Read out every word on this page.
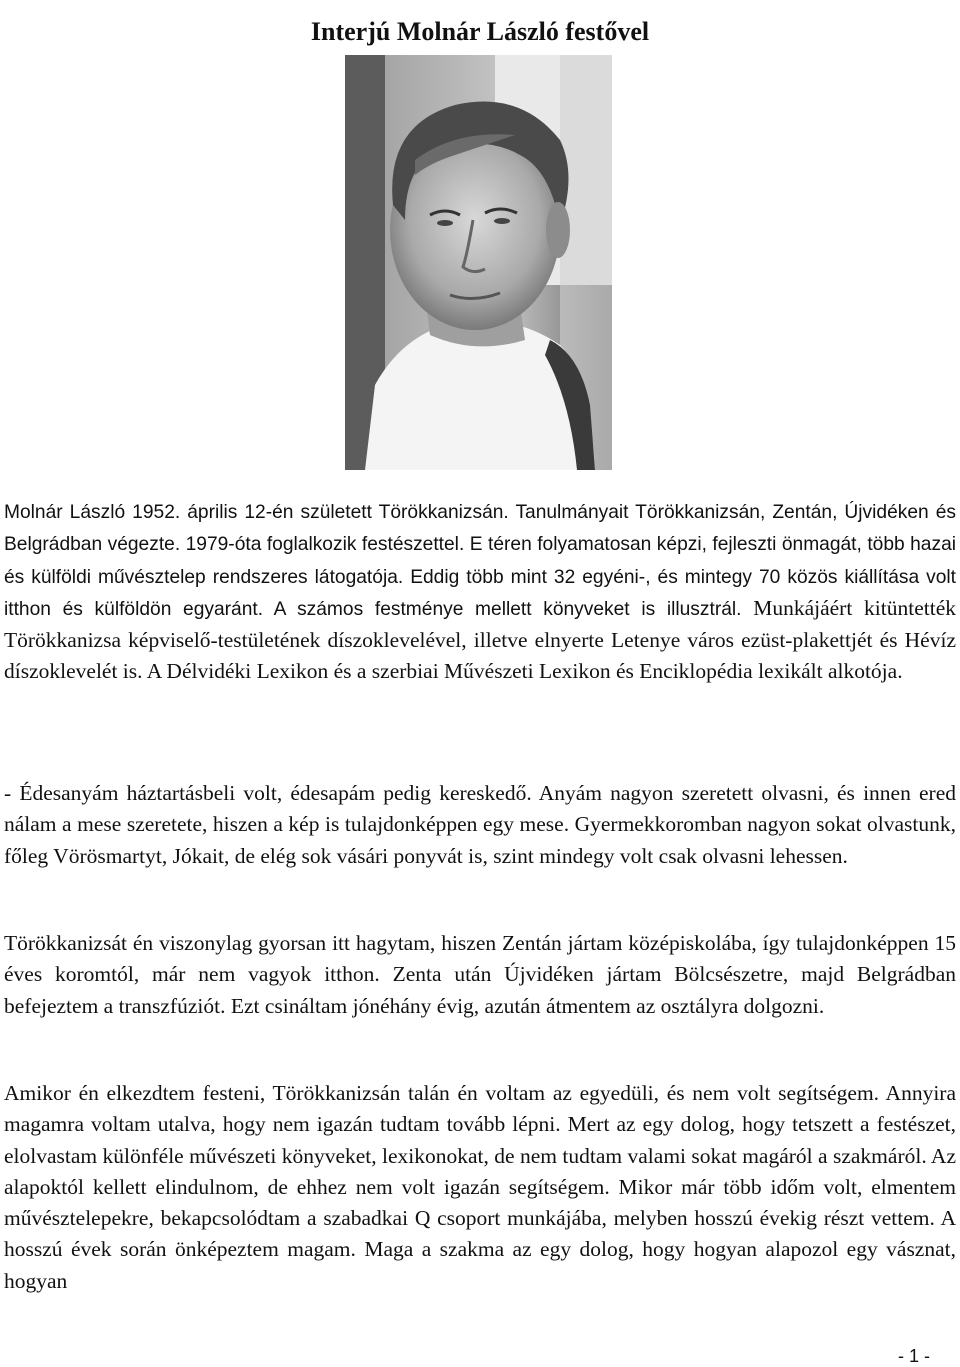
Interjú Molnár László festővel

Molnár László 1952. április 12-én született Törökkanizsán. Tanulmányait Törökkanizsán, Zentán, Újvidéken és Belgrádban végezte. 1979-óta foglalkozik festészettel. E téren folyamatosan képzi, fejleszti önmagát, több hazai és külföldi művésztelep rendszeres látogatója. Eddig több mint 32 egyéni-, és mintegy 70 közös kiállítása volt itthon és külföldön egyaránt. A számos festménye mellett könyveket is illusztrál. Munkájáért kitüntették Törökkanizsa képviselő-testületének díszoklevelével, illetve elnyerte Letenye város ezüst-plakettjét és Hévíz díszoklevelét is. A Délvidéki Lexikon és a szerbiai Művészeti Lexikon és Enciklopédia lexikált alkotója.

- Édesanyám háztartásbeli volt, édesapám pedig kereskedő. Anyám nagyon szeretett olvasni, és innen ered nálam a mese szeretete, hiszen a kép is tulajdonképpen egy mese. Gyermekkoromban nagyon sokat olvastunk, főleg Vörösmartyt, Jókait, de elég sok vásári ponyvát is, szint mindegy volt csak olvasni lehessen.

Törökkanizsát én viszonylag gyorsan itt hagytam, hiszen Zentán jártam középiskolába, így tulajdonképpen 15 éves koromtól, már nem vagyok itthon. Zenta után Újvidéken jártam Bölcsészetre, majd Belgrádban befejeztem a transzfúziót. Ezt csináltam jónéhány évig, azután átmentem az osztályra dolgozni.

Amikor én elkezdtem festeni, Törökkanizsán talán én voltam az egyedüli, és nem volt segítségem. Annyira magamra voltam utalva, hogy nem igazán tudtam tovább lépni. Mert az egy dolog, hogy tetszett a festészet, elolvastam különféle művészeti könyveket, lexikonokat, de nem tudtam valami sokat magáról a szakmáról. Az alapoktól kellett elindulnom, de ehhez nem volt igazán segítségem. Mikor már több időm volt, elmentem művésztelepekre, bekapcsolódtam a szabadkai Q csoport munkájába, melyben hosszú évekig részt vettem. A hosszú évek során önképeztem magam. Maga a szakma az egy dolog, hogy hogyan alapozol egy vásznat, hogyan

- 1 -
